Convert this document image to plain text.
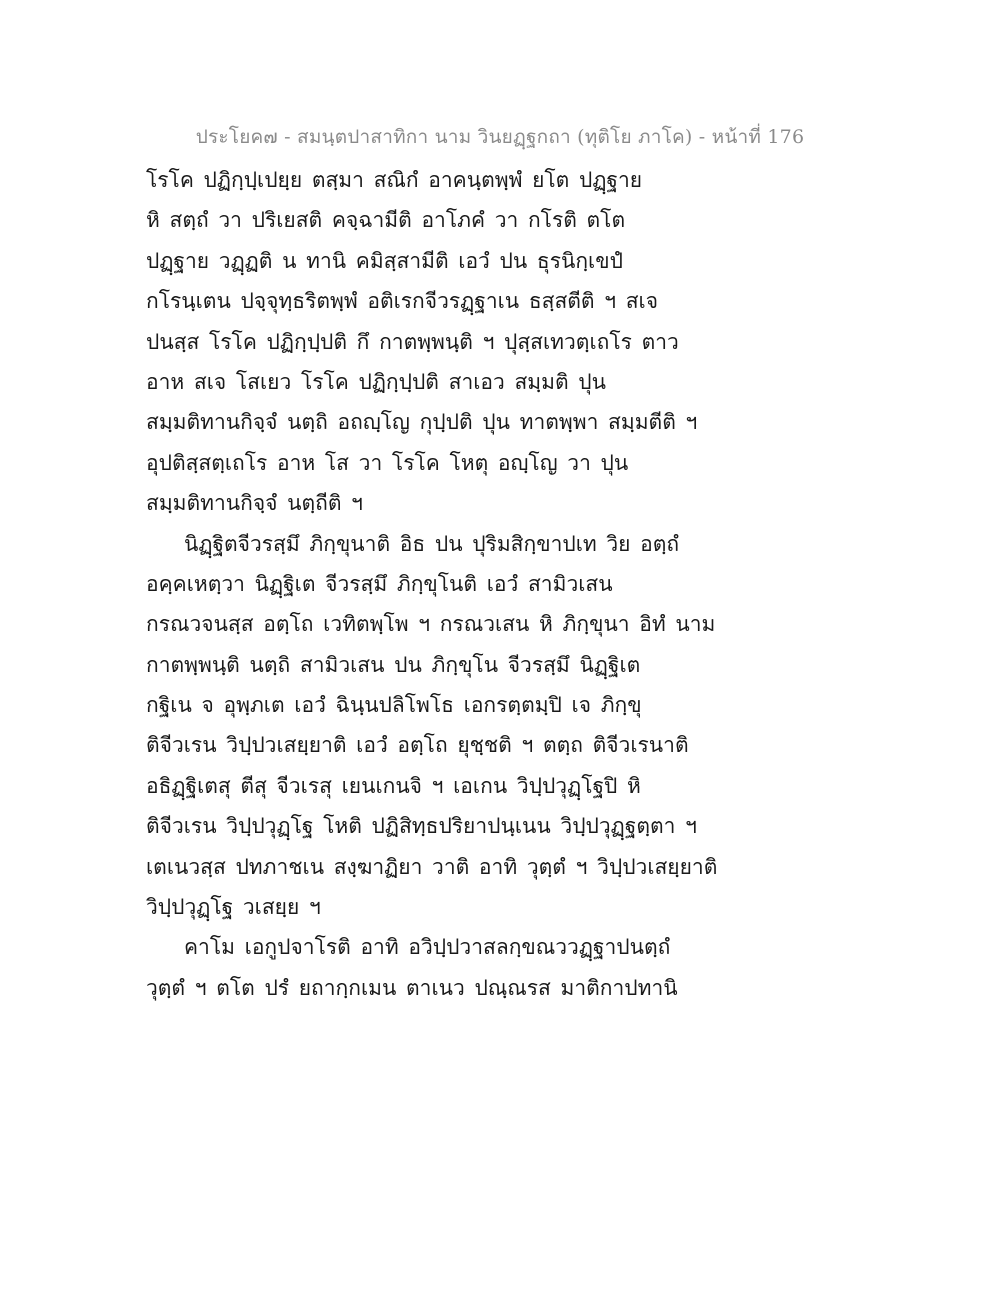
ประโยค๗ - สมนฺตปาสาทิกา นาม วินยฏฺฐกถา (ทุติโย ภาโค) - หน้าที่ 176
โรโค ปฏิกฺปฺเปยฺย ตสฺมา สณิกํ อาคนฺตพฺพํ ยโต ปฏฺฐาย
หิ สตฺถํ วา ปริเยสติ คจฺฉามีติ อาโภคํ วา กโรติ ตโต
ปฏฺฐาย วฏฺฏติ น ทานิ คมิสฺสามีติ เอวํ ปน ธุรนิกฺเขปํ
กโรนฺเตน ปจฺจุทฺธริตพฺพํ อติเรกจีวรฏฺฐาเน ธสฺสตีติ ฯ สเจ
ปนสฺส โรโค ปฏิกฺปฺปติ กึ กาตพฺพนฺติ ฯ ปุสฺสเทวตฺเถโร ตาว
อาห สเจ โสเยว โรโค ปฏิกฺปฺปติ สาเอว สมฺมติ ปุน
สมฺมติทานกิจฺจํ นตฺถิ อถญฺโญ กุปฺปติ ปุน ทาตพฺพา สมฺมตีติ ฯ
อุปติสฺสตฺเถโร อาห โส วา โรโค โหตุ อญฺโญ วา ปุน
สมฺมติทานกิจฺจํ นตฺถีติ ฯ
นิฏฺฐิตจีวรสฺมึ ภิกฺขุนาติ อิธ ปน ปุริมสิกฺขาปเท วิย อตฺถํ
อคฺคเหตฺวา นิฏฺฐิเต จีวรสฺมึ ภิกฺขุโนติ เอวํ สามิวเสน
กรณวจนสฺส อตฺโถ เวทิตพฺโพ ฯ กรณวเสน หิ ภิกฺขุนา อิทํ นาม
กาตพฺพนฺติ นตฺถิ สามิวเสน ปน ภิกฺขุโน จีวรสฺมึ นิฏฺฐิเต
กฐิเน จ อุพฺภเต เอวํ ฉินฺนปลิโพโธ เอกรตฺตมฺปิ เจ ภิกฺขุ
ติจีวเรน วิปฺปวเสยฺยาติ เอวํ อตฺโถ ยุชฺชติ ฯ ตตฺถ ติจีวเรนาติ
อธิฏฺฐิเตสุ ตีสุ จีวเรสุ เยนเกนจิ ฯ เอเกน วิปฺปวุฏฺโฐปิ หิ
ติจีวเรน วิปฺปวุฏฺโฐ โหติ ปฏิสิทฺธปริยาปนฺเนน วิปฺปวุฏฺฐตฺตา ฯ
เตเนวสฺส ปทภาชเน สงฺฆาฏิยา วาติ อาทิ วุตฺตํ ฯ วิปฺปวเสยฺยาติ
วิปฺปวุฏฺโฐ วเสยฺย ฯ
คาโม เอกูปจาโรติ อาทิ อวิปฺปวาสลกฺขณววฏฺฐาปนตฺถํ
วุตฺตํ ฯ ตโต ปรํ ยถากฺกเมน ตาเนว ปณฺณรส มาติกาปทานิ
